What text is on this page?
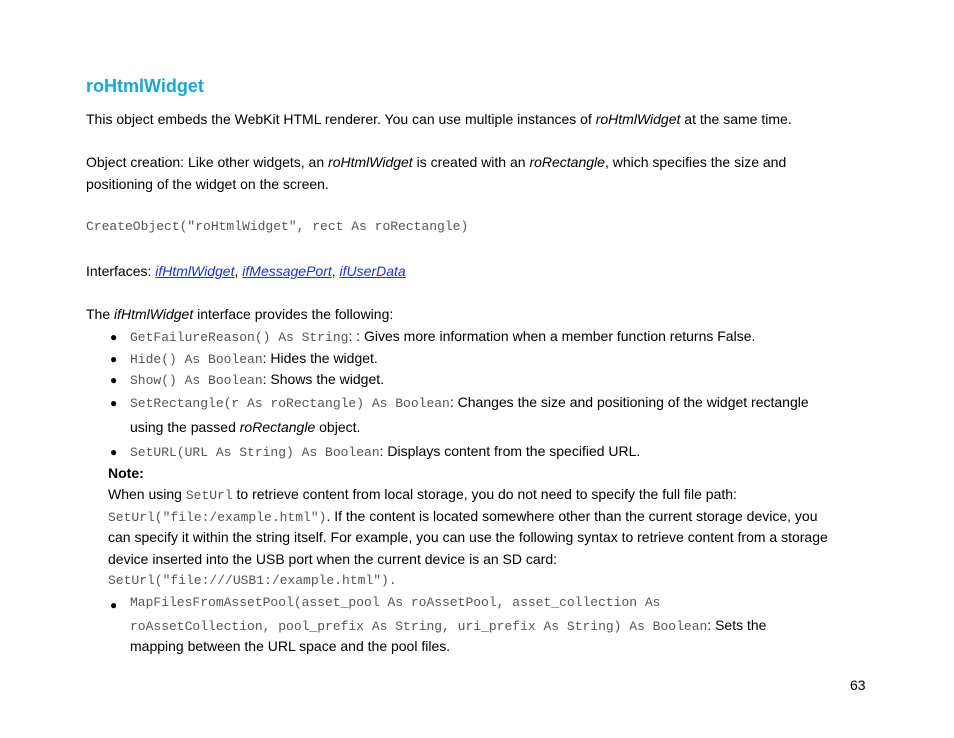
roHtmlWidget
This object embeds the WebKit HTML renderer. You can use multiple instances of roHtmlWidget at the same time.
Object creation: Like other widgets, an roHtmlWidget is created with an roRectangle, which specifies the size and
positioning of the widget on the screen.
CreateObject("roHtmlWidget", rect As roRectangle)
Interfaces: ifHtmlWidget, ifMessagePort, ifUserData
The ifHtmlWidget interface provides the following:
● GetFailureReason() As String: : Gives more information when a member function returns False.
● Hide() As Boolean: Hides the widget.
● Show() As Boolean: Shows the widget.
● SetRectangle(r As roRectangle) As Boolean: Changes the size and positioning of the widget rectangle
using the passed roRectangle object.
● SetURL(URL As String) As Boolean: Displays content from the specified URL.
Note:
When using SetUrl to retrieve content from local storage, you do not need to specify the full file path:
SetUrl("file:/example.html"). If the content is located somewhere other than the current storage device, you
can specify it within the string itself. For example, you can use the following syntax to retrieve content from a storage
device inserted into the USB port when the current device is an SD card:
SetUrl("file:///USB1:/example.html").
● MapFilesFromAssetPool(asset_pool As roAssetPool, asset_collection As
roAssetCollection, pool_prefix As String, uri_prefix As String) As Boolean: Sets the
mapping between the URL space and the pool files.
63
